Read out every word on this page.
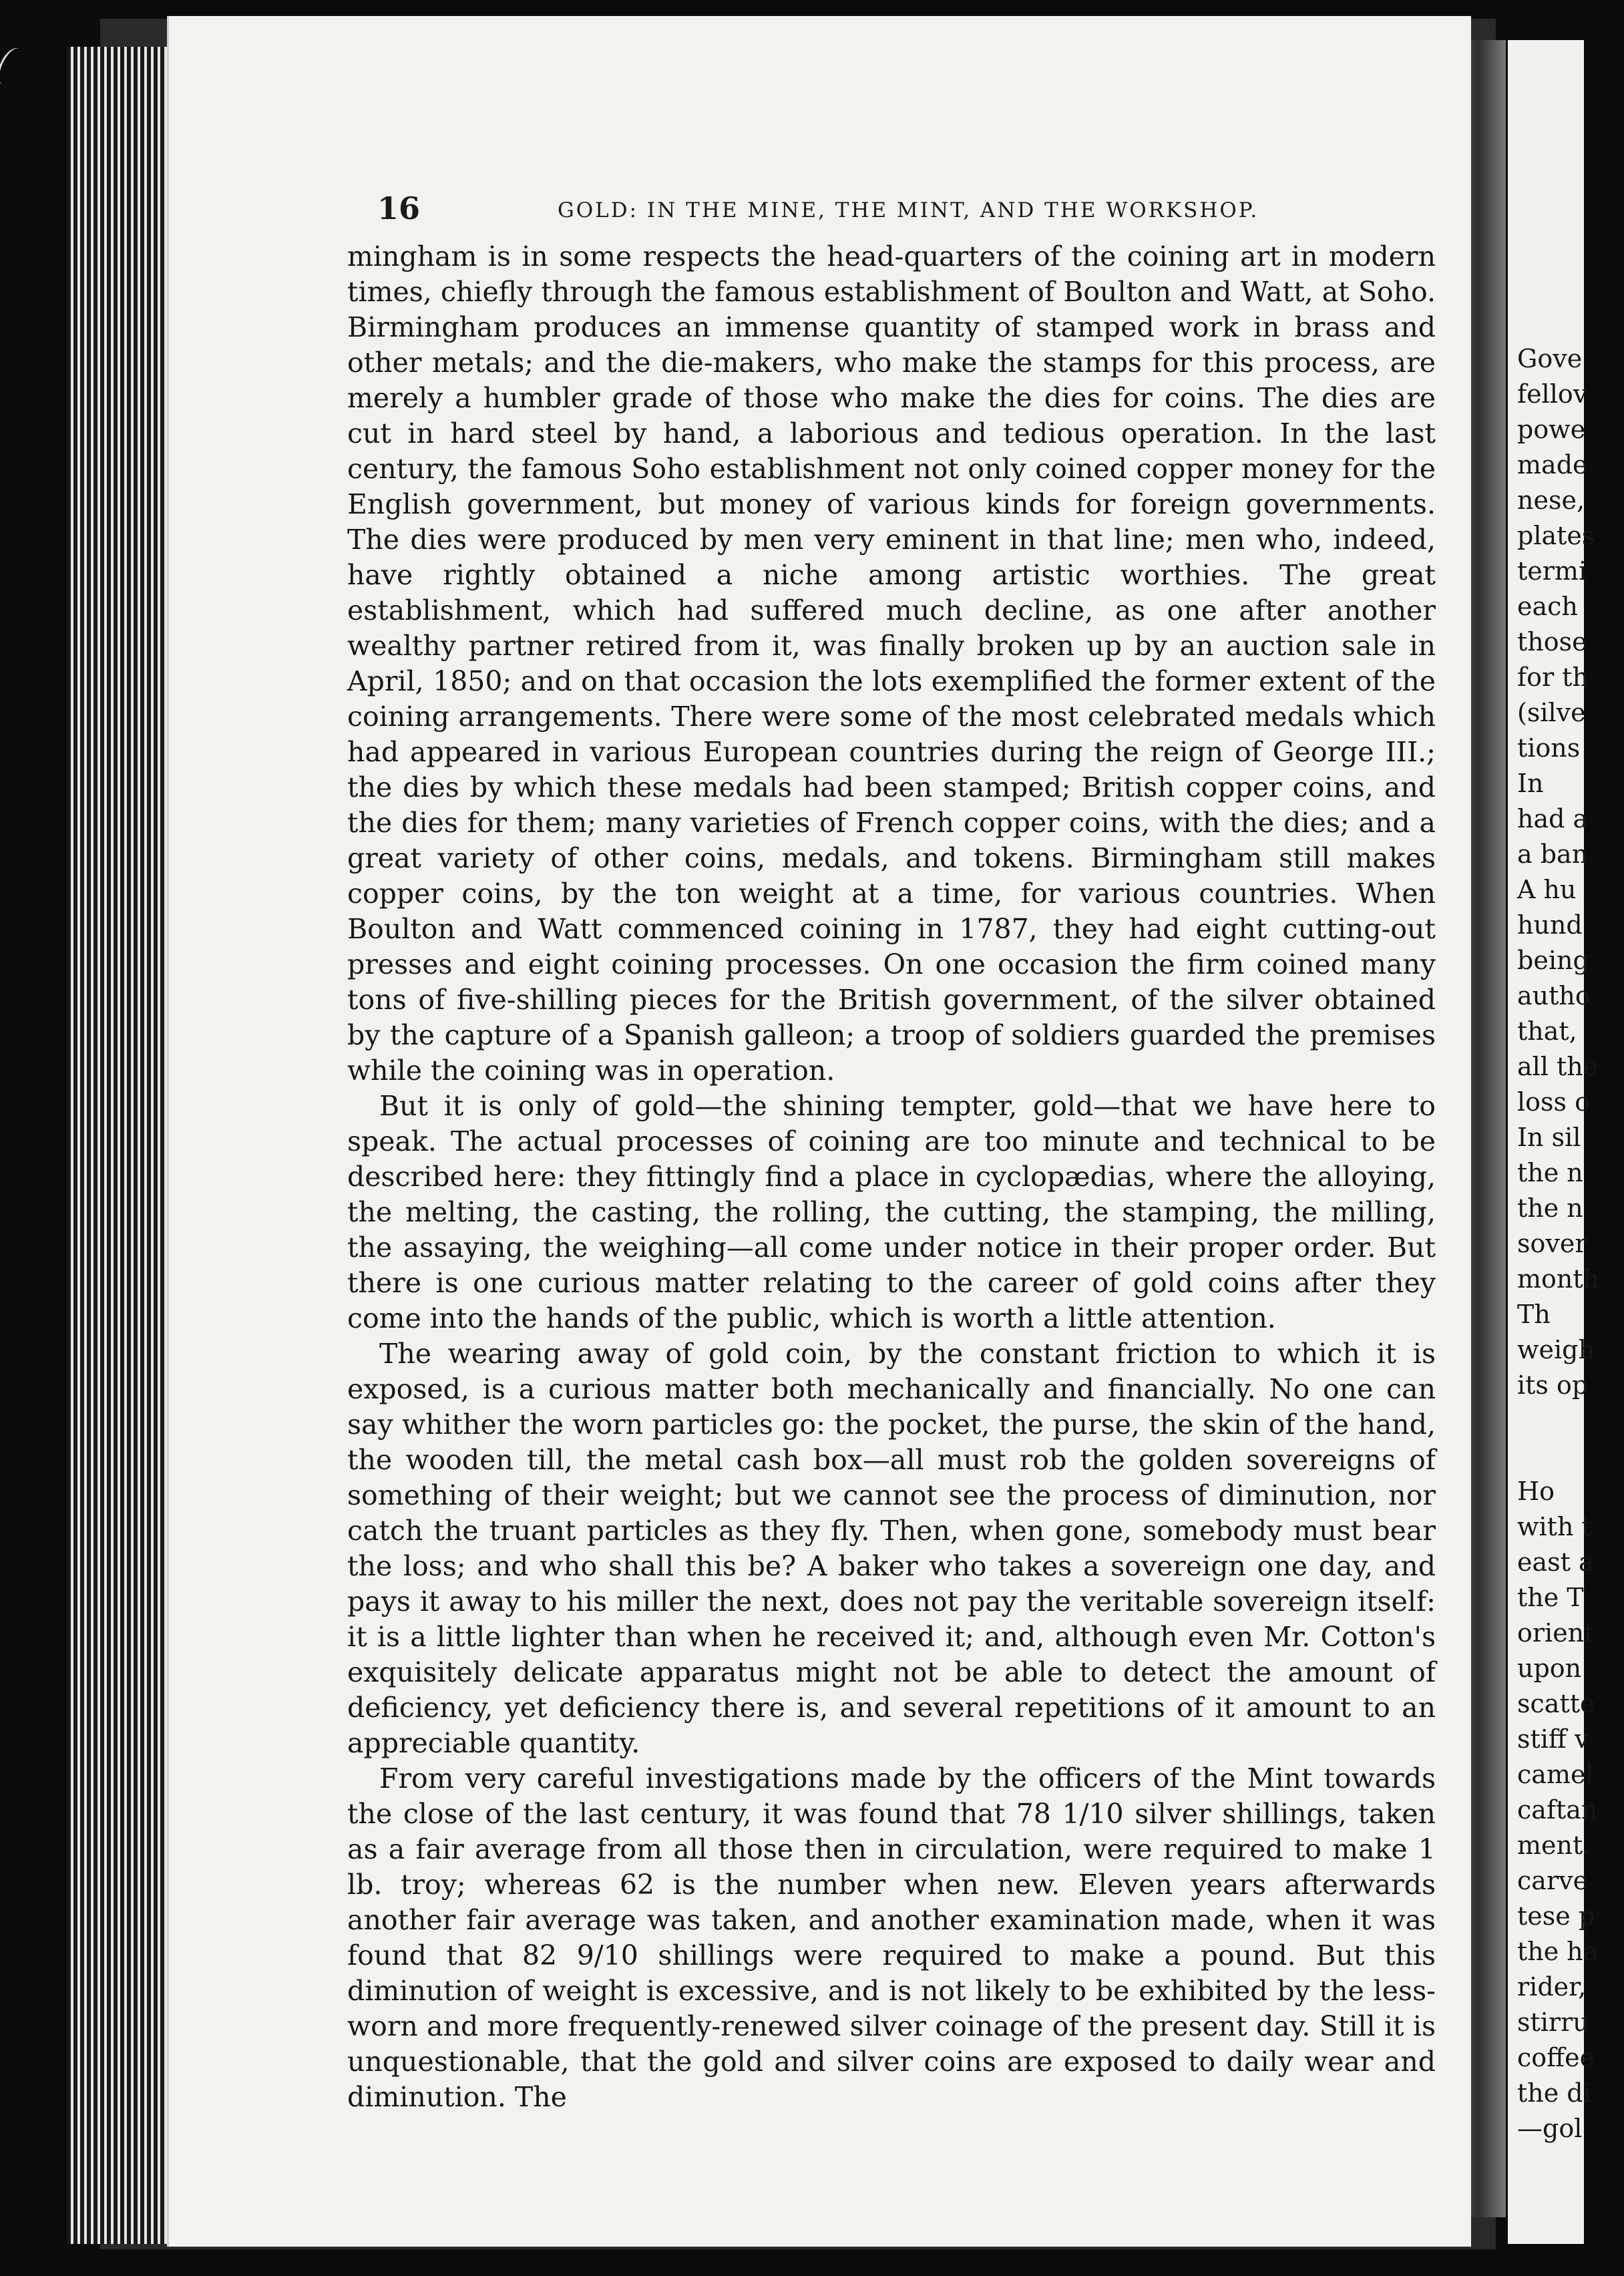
16	GOLD: IN THE MINE, THE MINT, AND THE WORKSHOP.

mingham is in some respects the head-quarters of the coining art in modern times, chiefly through the famous establishment of Boulton and Watt, at Soho. Birmingham produces an immense quantity of stamped work in brass and other metals; and the die-makers, who make the stamps for this process, are merely a humbler grade of those who make the dies for coins. The dies are cut in hard steel by hand, a laborious and tedious operation. In the last century, the famous Soho establishment not only coined copper money for the English government, but money of various kinds for foreign governments. The dies were produced by men very eminent in that line; men who, indeed, have rightly obtained a niche among artistic worthies. The great establishment, which had suffered much decline, as one after another wealthy partner retired from it, was finally broken up by an auction sale in April, 1850; and on that occasion the lots exemplified the former extent of the coining arrangements. There were some of the most celebrated medals which had appeared in various European countries during the reign of George III.; the dies by which these medals had been stamped; British copper coins, and the dies for them; many varieties of French copper coins, with the dies; and a great variety of other coins, medals, and tokens. Birmingham still makes copper coins, by the ton weight at a time, for various countries. When Boulton and Watt commenced coining in 1787, they had eight cutting-out presses and eight coining processes. On one occasion the firm coined many tons of five-shilling pieces for the British government, of the silver obtained by the capture of a Spanish galleon; a troop of soldiers guarded the premises while the coining was in operation.

But it is only of gold—the shining tempter, gold—that we have here to speak. The actual processes of coining are too minute and technical to be described here: they fittingly find a place in cyclopædias, where the alloying, the melting, the casting, the rolling, the cutting, the stamping, the milling, the assaying, the weighing—all come under notice in their proper order. But there is one curious matter relating to the career of gold coins after they come into the hands of the public, which is worth a little attention.

The wearing away of gold coin, by the constant friction to which it is exposed, is a curious matter both mechanically and financially. No one can say whither the worn particles go: the pocket, the purse, the skin of the hand, the wooden till, the metal cash box—all must rob the golden sovereigns of something of their weight; but we cannot see the process of diminution, nor catch the truant particles as they fly. Then, when gone, somebody must bear the loss; and who shall this be? A baker who takes a sovereign one day, and pays it away to his miller the next, does not pay the veritable sovereign itself: it is a little lighter than when he received it; and, although even Mr. Cotton's exquisitely delicate apparatus might not be able to detect the amount of deficiency, yet deficiency there is, and several repetitions of it amount to an appreciable quantity.

From very careful investigations made by the officers of the Mint towards the close of the last century, it was found that 78 1/10 silver shillings, taken as a fair average from all those then in circulation, were required to make 1 lb. troy; whereas 62 is the number when new. Eleven years afterwards another fair average was taken, and another examination made, when it was found that 82 9/10 shillings were required to make a pound. But this diminution of weight is excessive, and is not likely to be exhibited by the less-worn and more frequently-renewed silver coinage of the present day. Still it is unquestionable, that the gold and silver coins are exposed to daily wear and diminution. The

Gove
fellov
powe
made
nese,
plates
termi
each
those
for th
(silve
tions
In
had a
a ban
A hu
hund
being
autho
that,
all the
loss o
In sil
the n
the n
sover
month
Th
weigh
its op
Ho
with t
east a
the T
orient
upon
scatte
stiff v
camel
caftan
ment.
carve
tese p
the ha
rider,
stirru
coffee
the di
—gol
